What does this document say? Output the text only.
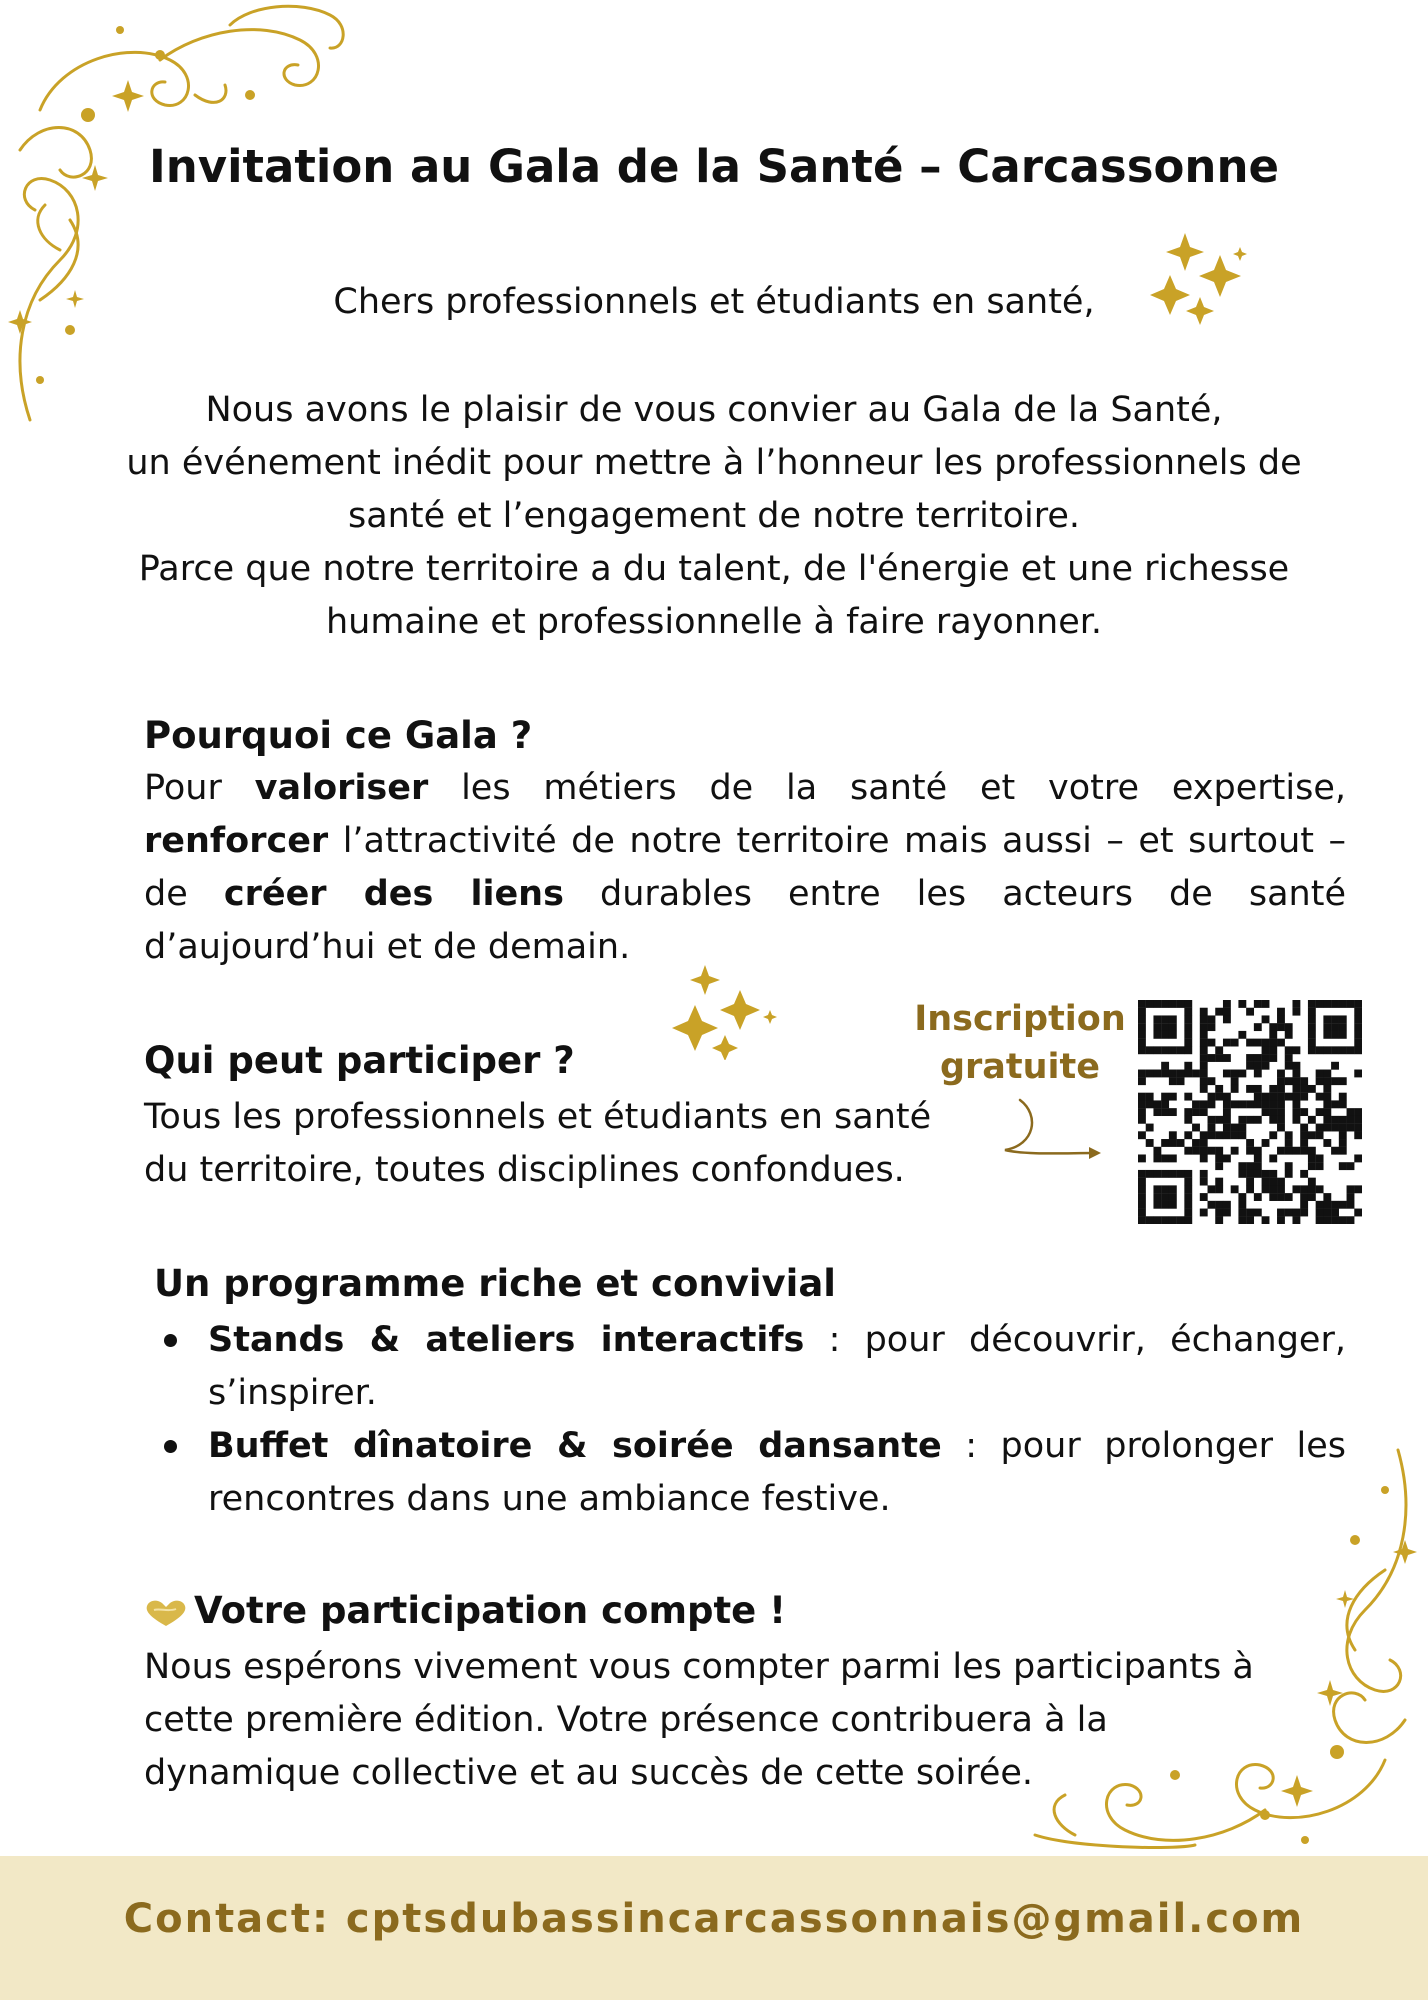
Invitation au Gala de la Santé – Carcassonne
Chers professionnels et étudiants en santé,

Nous avons le plaisir de vous convier au Gala de la Santé,

un événement inédit pour mettre à l’honneur les professionnels de santé et l’engagement de notre territoire.

Parce que notre territoire a du talent, de l'énergie et une richesse humaine et professionnelle à faire rayonner.

Pourquoi ce Gala ?
Pour valoriser les métiers de la santé et votre expertise, renforcer l’attractivité de notre territoire mais aussi – et surtout – de créer des liens durables entre les acteurs de santé d’aujourd’hui et de demain.
Qui peut participer ?
Tous les professionnels et étudiants en santé du territoire, toutes disciplines confondues.
Inscription
gratuite
Un programme riche et convivial
Stands & ateliers interactifs : pour découvrir, échanger, s’inspirer.
Buffet dînatoire & soirée dansante : pour prolonger les rencontres dans une ambiance festive.
Votre participation compte !
Nous espérons vivement vous compter parmi les participants à cette première édition. Votre présence contribuera à la dynamique collective et au succès de cette soirée.
Contact: cptsdubassincarcassonnais@gmail.com
